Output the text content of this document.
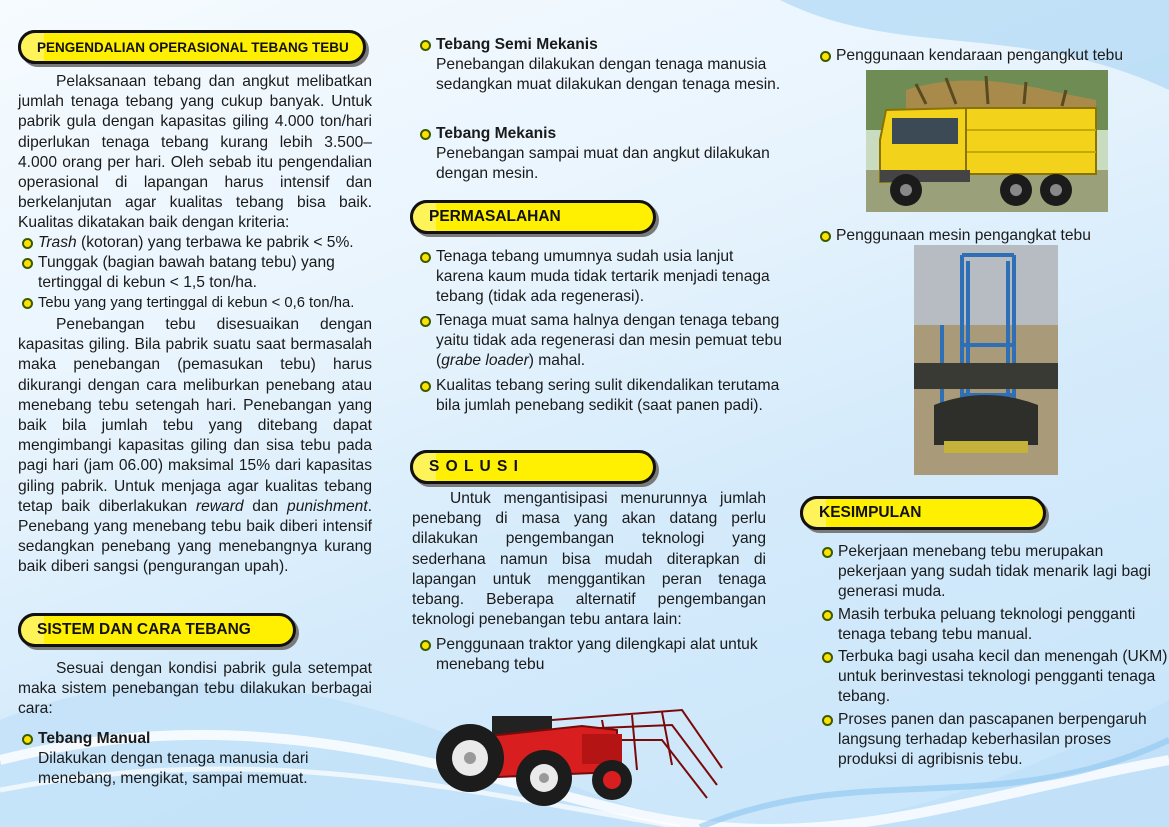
PENGENDALIAN OPERASIONAL TEBANG TEBU

Pelaksanaan tebang dan angkut melibatkan jumlah tenaga tebang yang cukup banyak. Untuk pabrik gula dengan kapasitas giling 4.000 ton/hari diperlukan tenaga tebang kurang lebih 3.500–4.000 orang per hari. Oleh sebab itu pengendalian operasional di lapangan harus intensif dan berkelanjutan agar kualitas tebang bisa baik. Kualitas dikatakan baik dengan kriteria:

Trash (kotoran) yang terbawa ke pabrik < 5%.
Tunggak (bagian bawah batang tebu) yang tertinggal di kebun < 1,5 ton/ha.
Tebu yang yang tertinggal di kebun < 0,6 ton/ha.

Penebangan tebu disesuaikan dengan kapasitas giling. Bila pabrik suatu saat bermasalah maka penebangan (pemasukan tebu) harus dikurangi dengan cara meliburkan penebang atau menebang tebu setengah hari. Penebangan yang baik bila jumlah tebu yang ditebang dapat mengimbangi kapasitas giling dan sisa tebu pada pagi hari (jam 06.00) maksimal 15% dari kapasitas giling pabrik. Untuk menjaga agar kualitas tebang tetap baik diberlakukan reward dan punishment. Penebang yang menebang tebu baik diberi intensif sedangkan penebang yang menebangnya kurang baik diberi sangsi (pengurangan upah).

SISTEM DAN CARA TEBANG

Sesuai dengan kondisi pabrik gula setempat maka sistem penebangan tebu dilakukan berbagai cara:

Tebang Manual
Dilakukan dengan tenaga manusia dari menebang, mengikat, sampai memuat.
Tebang Semi Mekanis
Penebangan dilakukan dengan tenaga manusia sedangkan muat dilakukan dengan tenaga mesin.
Tebang Mekanis
Penebangan sampai muat dan angkut dilakukan dengan mesin.
PERMASALAHAN
Tenaga tebang umumnya sudah usia lanjut karena kaum muda tidak tertarik menjadi tenaga tebang (tidak ada regenerasi).
Tenaga muat sama halnya dengan tenaga tebang yaitu tidak ada regenerasi dan mesin pemuat tebu (grabe loader) mahal.
Kualitas tebang sering sulit dikendalikan terutama bila jumlah penebang sedikit (saat panen padi).
S O L U S I

Untuk mengantisipasi menurunnya jumlah penebang di masa yang akan datang perlu dilakukan pengembangan teknologi yang sederhana namun bisa mudah diterapkan di lapangan untuk menggantikan peran tenaga tebang. Beberapa alternatif pengembangan teknologi penebangan tebu antara lain:

Penggunaan traktor yang dilengkapi alat untuk menebang tebu
Penggunaan kendaraan pengangkut tebu
Penggunaan mesin pengangkat tebu
KESIMPULAN
Pekerjaan menebang tebu merupakan pekerjaan yang sudah tidak menarik lagi bagi generasi muda.
Masih terbuka peluang teknologi pengganti tenaga tebang tebu manual.
Terbuka bagi usaha kecil dan menengah (UKM) untuk berinvestasi teknologi pengganti tenaga tebang.
Proses panen dan pascapanen berpengaruh langsung terhadap keberhasilan proses produksi di agribisnis tebu.
